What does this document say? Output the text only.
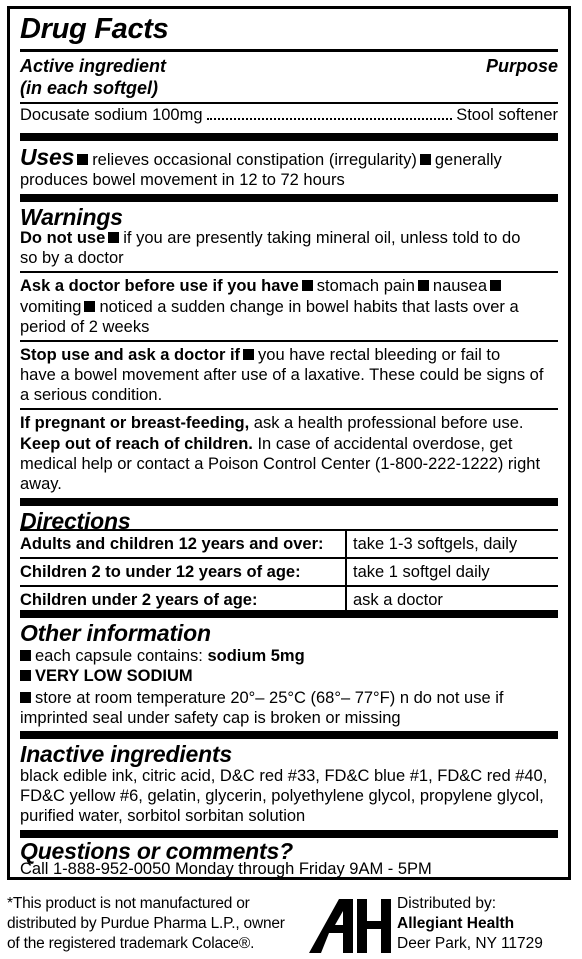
Drug Facts
Active ingredient	Purpose
(in each softgel)
Docusate sodium 100mg	Stool softener
Uses relieves occasional constipation (irregularity) generally
produces bowel movement in 12 to 72 hours
Warnings
Do not use if you are presently taking mineral oil, unless told to do
so by a doctor
Ask a doctor before use if you have stomach pain nausea
vomiting noticed a sudden change in bowel habits that lasts over a
period of 2 weeks
Stop use and ask a doctor if you have rectal bleeding or fail to
have a bowel movement after use of a laxative. These could be signs of
a serious condition.
If pregnant or breast-feeding, ask a health professional before use.
Keep out of reach of children. In case of accidental overdose, get
medical help or contact a Poison Control Center (1-800-222-1222) right
away.
Directions
Adults and children 12 years and over:	take 1-3 softgels, daily
Children 2 to under 12 years of age:	take 1 softgel daily
Children under 2 years of age:	ask a doctor
Other information
each capsule contains: sodium 5mg
VERY LOW SODIUM
store at room temperature 20°– 25°C (68°– 77°F) n do not use if
imprinted seal under safety cap is broken or missing
Inactive ingredients
black edible ink, citric acid, D&C red #33, FD&C blue #1, FD&C red #40,
FD&C yellow #6, gelatin, glycerin, polyethylene glycol, propylene glycol,
purified water, sorbitol sorbitan solution
Questions or comments?
Call 1-888-952-0050 Monday through Friday 9AM - 5PM
*This product is not manufactured or
distributed by Purdue Pharma L.P., owner
of the registered trademark Colace®.
Distributed by:
Allegiant Health
Deer Park, NY 11729
